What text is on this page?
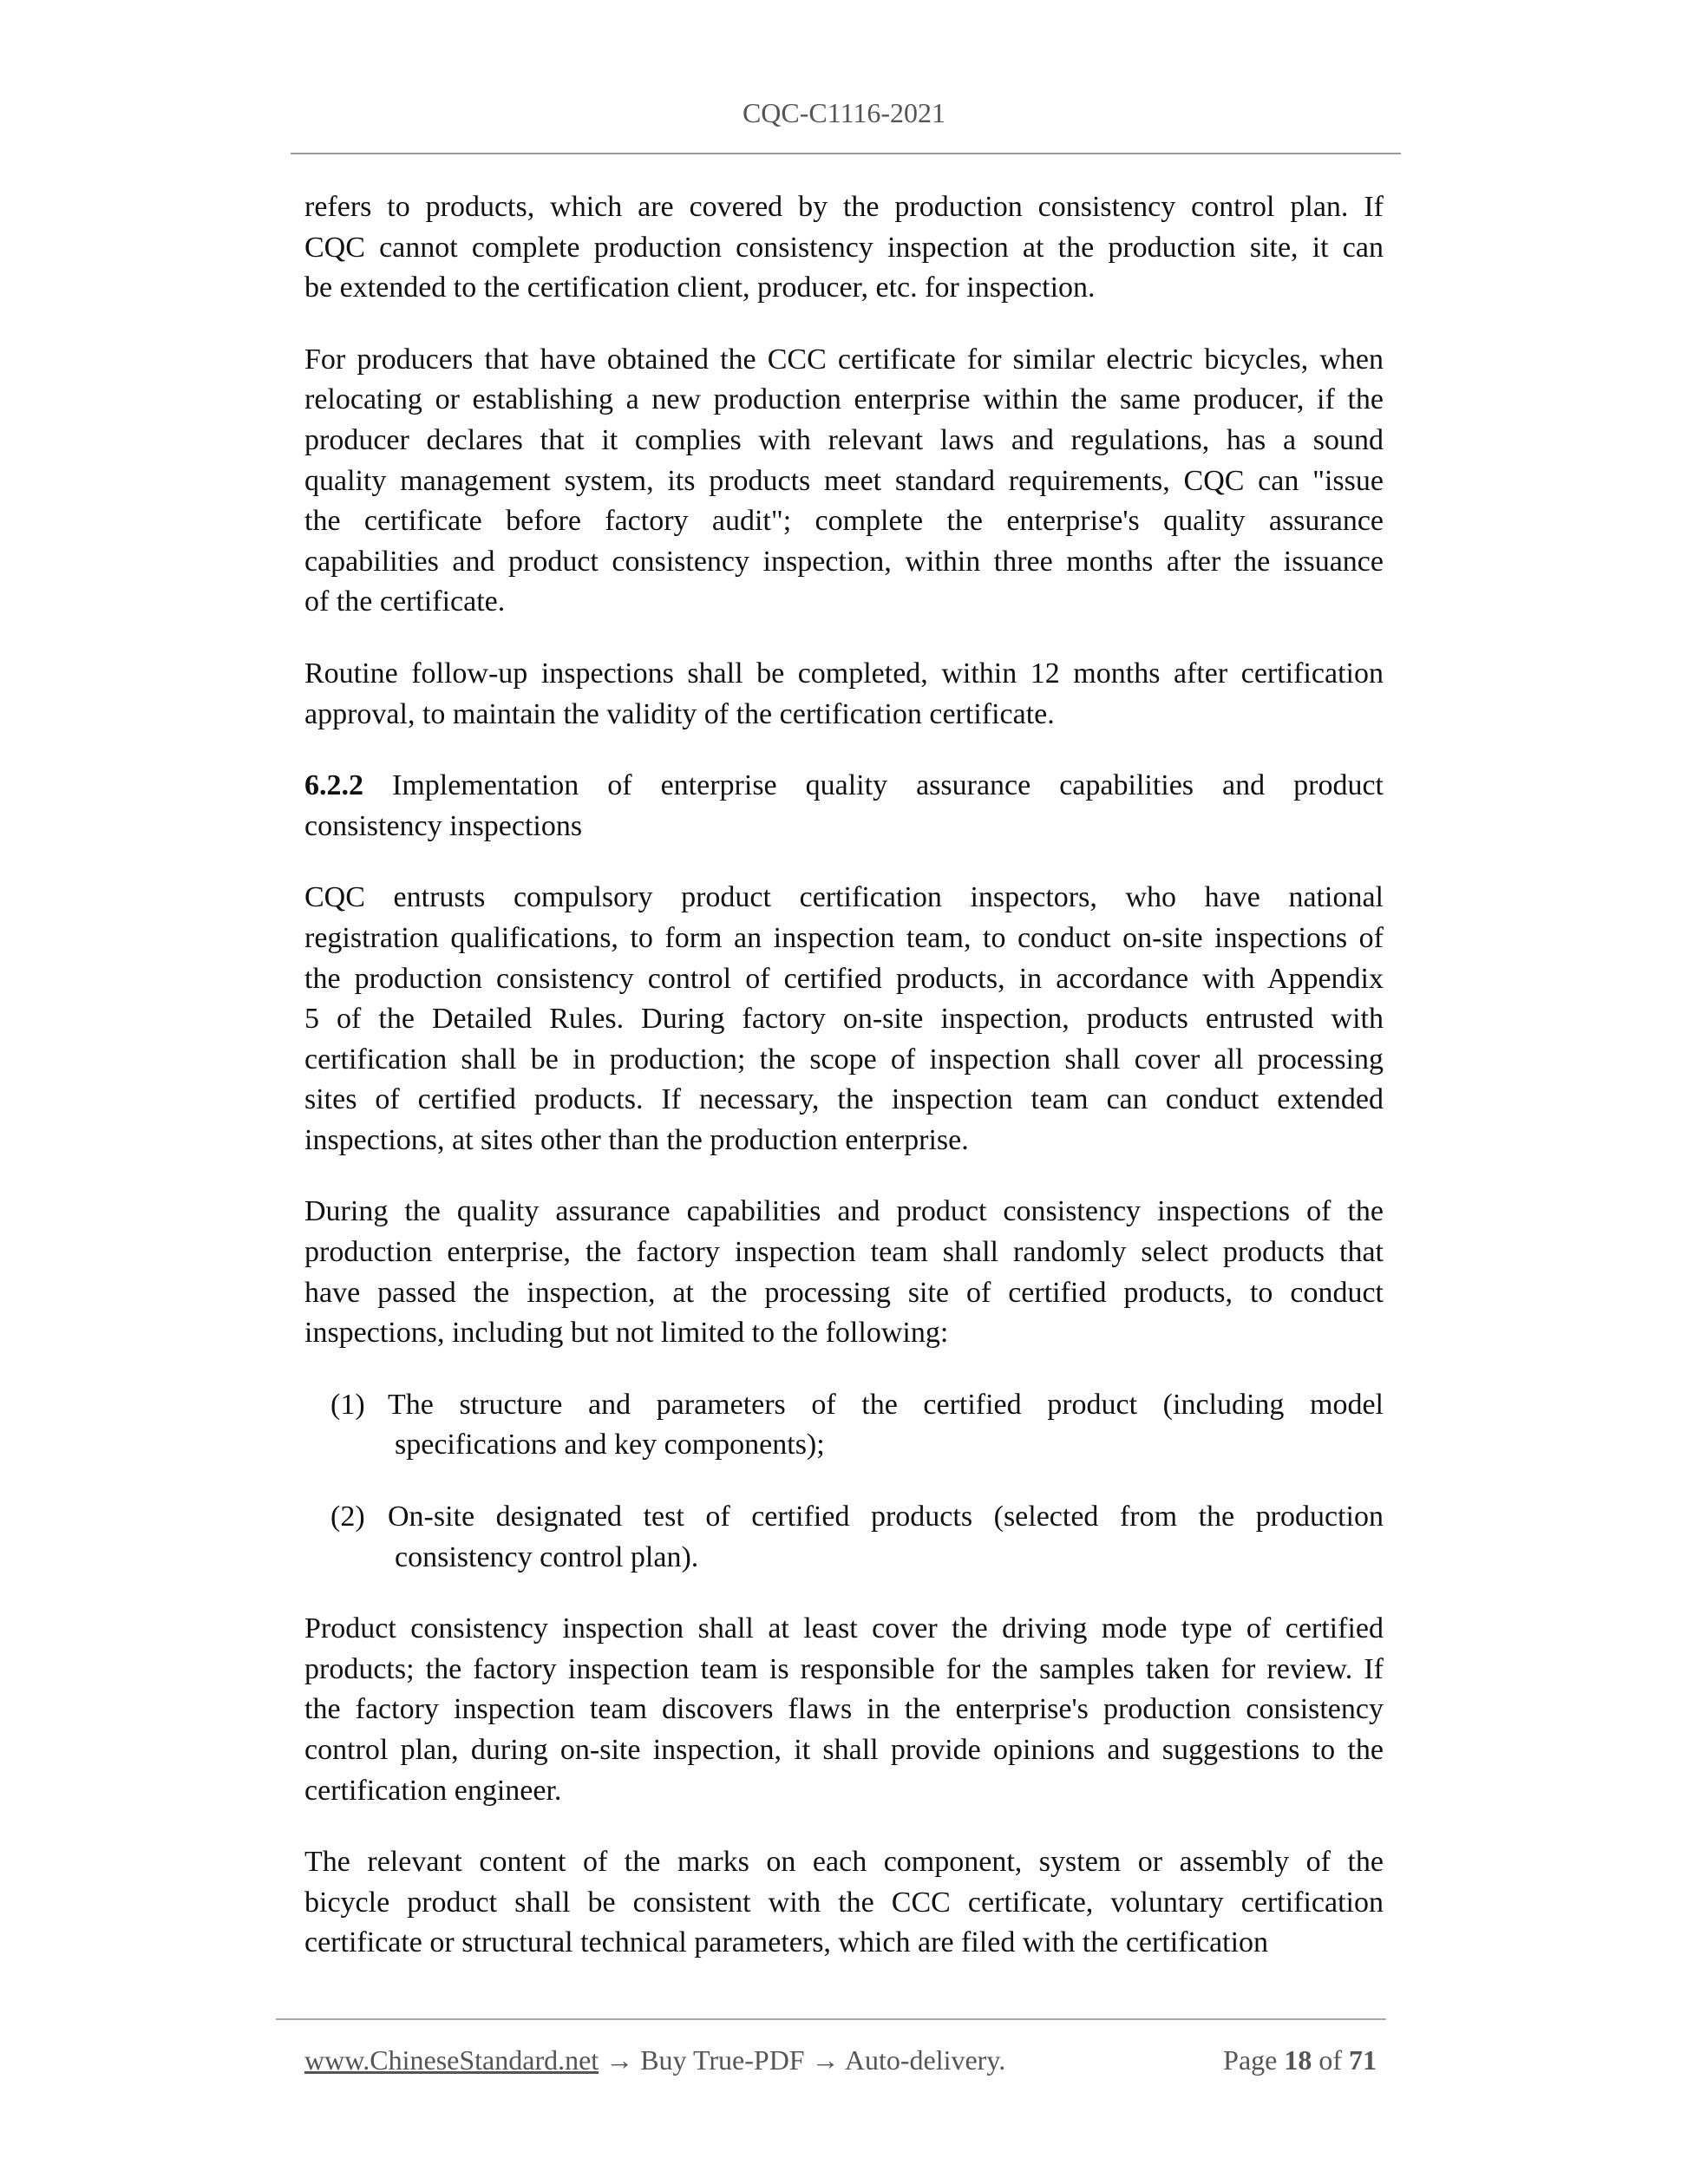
CQC-C1116-2021
refers to products, which are covered by the production consistency control plan. If
CQC cannot complete production consistency inspection at the production site, it can
be extended to the certification client, producer, etc. for inspection.
For producers that have obtained the CCC certificate for similar electric bicycles, when
relocating or establishing a new production enterprise within the same producer, if the
producer declares that it complies with relevant laws and regulations, has a sound
quality management system, its products meet standard requirements, CQC can "issue
the certificate before factory audit"; complete the enterprise's quality assurance
capabilities and product consistency inspection, within three months after the issuance
of the certificate.
Routine follow-up inspections shall be completed, within 12 months after certification
approval, to maintain the validity of the certification certificate.
6.2.2 Implementation of enterprise quality assurance capabilities and product
consistency inspections
CQC entrusts compulsory product certification inspectors, who have national
registration qualifications, to form an inspection team, to conduct on-site inspections of
the production consistency control of certified products, in accordance with Appendix
5 of the Detailed Rules. During factory on-site inspection, products entrusted with
certification shall be in production; the scope of inspection shall cover all processing
sites of certified products. If necessary, the inspection team can conduct extended
inspections, at sites other than the production enterprise.
During the quality assurance capabilities and product consistency inspections of the
production enterprise, the factory inspection team shall randomly select products that
have passed the inspection, at the processing site of certified products, to conduct
inspections, including but not limited to the following:
(1) The structure and parameters of the certified product (including model
specifications and key components);
(2) On-site designated test of certified products (selected from the production
consistency control plan).
Product consistency inspection shall at least cover the driving mode type of certified
products; the factory inspection team is responsible for the samples taken for review. If
the factory inspection team discovers flaws in the enterprise's production consistency
control plan, during on-site inspection, it shall provide opinions and suggestions to the
certification engineer.
The relevant content of the marks on each component, system or assembly of the
bicycle product shall be consistent with the CCC certificate, voluntary certification
certificate or structural technical parameters, which are filed with the certification
www.ChineseStandard.net → Buy True-PDF → Auto-delivery.	Page 18 of 71
